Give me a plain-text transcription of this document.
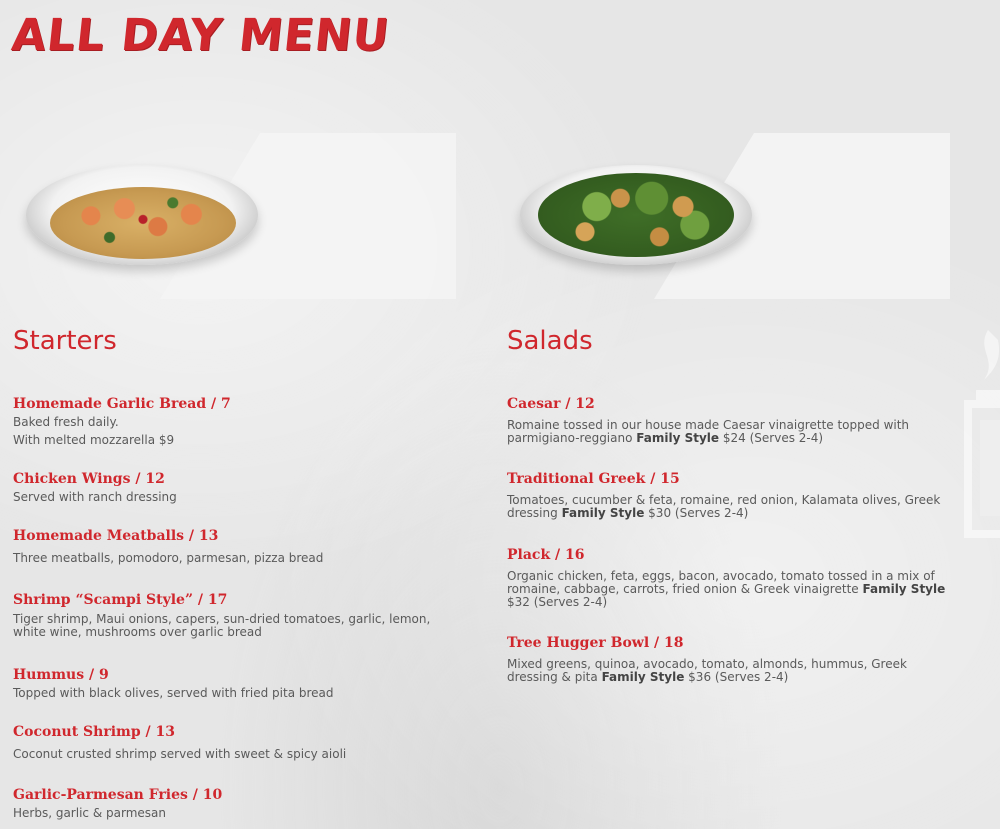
ALL DAY MENU
Starters

Homemade Garlic Bread / 7

Baked fresh daily.

With melted mozzarella $9

Chicken Wings / 12

Served with ranch dressing

Homemade Meatballs / 13

Three meatballs, pomodoro, parmesan, pizza bread

Shrimp “Scampi Style” / 17

Tiger shrimp, Maui onions, capers, sun-dried tomatoes, garlic, lemon, white wine, mushrooms over garlic bread

Hummus / 9

Topped with black olives, served with fried pita bread

Coconut Shrimp / 13

Coconut crusted shrimp served with sweet & spicy aioli

Garlic-Parmesan Fries / 10

Herbs, garlic & parmesan

Salads

Caesar / 12

Romaine tossed in our house made Caesar vinaigrette topped with parmigiano-reggiano Family Style $24 (Serves 2-4)

Traditional Greek / 15

Tomatoes, cucumber & feta, romaine, red onion, Kalamata olives, Greek dressing Family Style $30 (Serves 2-4)

Plack / 16

Organic chicken, feta, eggs, bacon, avocado, tomato tossed in a mix of romaine, cabbage, carrots, fried onion & Greek vinaigrette Family Style $32 (Serves 2-4)

Tree Hugger Bowl / 18

Mixed greens, quinoa, avocado, tomato, almonds, hummus, Greek dressing & pita Family Style $36 (Serves 2-4)
